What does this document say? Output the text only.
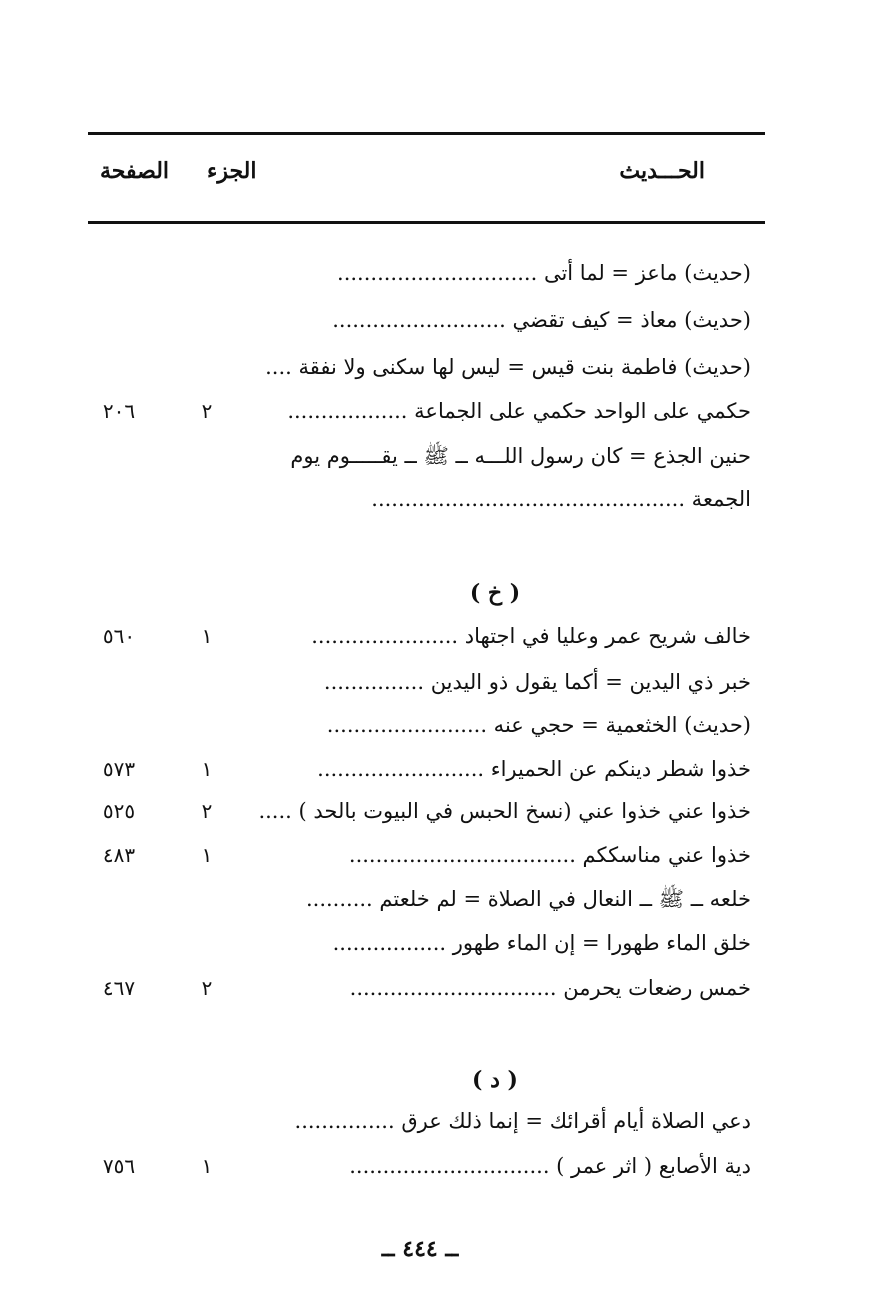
الحـــديث
الجزء
الصفحة
(حديث) ماعز = لما أتى ..............................
(حديث) معاذ = كيف تقضي ..........................
(حديث) فاطمة بنت قيس = ليس لها سكنى ولا نفقة ....
حكمي على الواحد حكمي على الجماعة ..................
٢
٢٠٦
حنين الجذع = كان رسول اللـــه ــ ﷺ ــ يقـــــوم يوم
الجمعة ...............................................
( خ )
خالف شريح عمر وعليا في اجتهاد ......................
١
٥٦٠
خبر ذي اليدين = أكما يقول ذو اليدين ...............
(حديث) الخثعمية = حجي عنه ........................
خذوا شطر دينكم عن الحميراء .........................
١
٥٧٣
خذوا عني خذوا عني (نسخ الحبس في البيوت بالحد ) .....
٢
٥٢٥
خذوا عني مناسككم ..................................
١
٤٨٣
خلعه ــ ﷺ ــ النعال في الصلاة = لم خلعتم ..........
خلق الماء طهورا = إن الماء طهور .................
خمس رضعات يحرمن ...............................
٢
٤٦٧
( د )
دعي الصلاة أيام أقرائك = إنما ذلك عرق ...............
دية الأصابع ( اثر عمر ) ..............................
١
٧٥٦
ــ ٤٤٤ ــ
